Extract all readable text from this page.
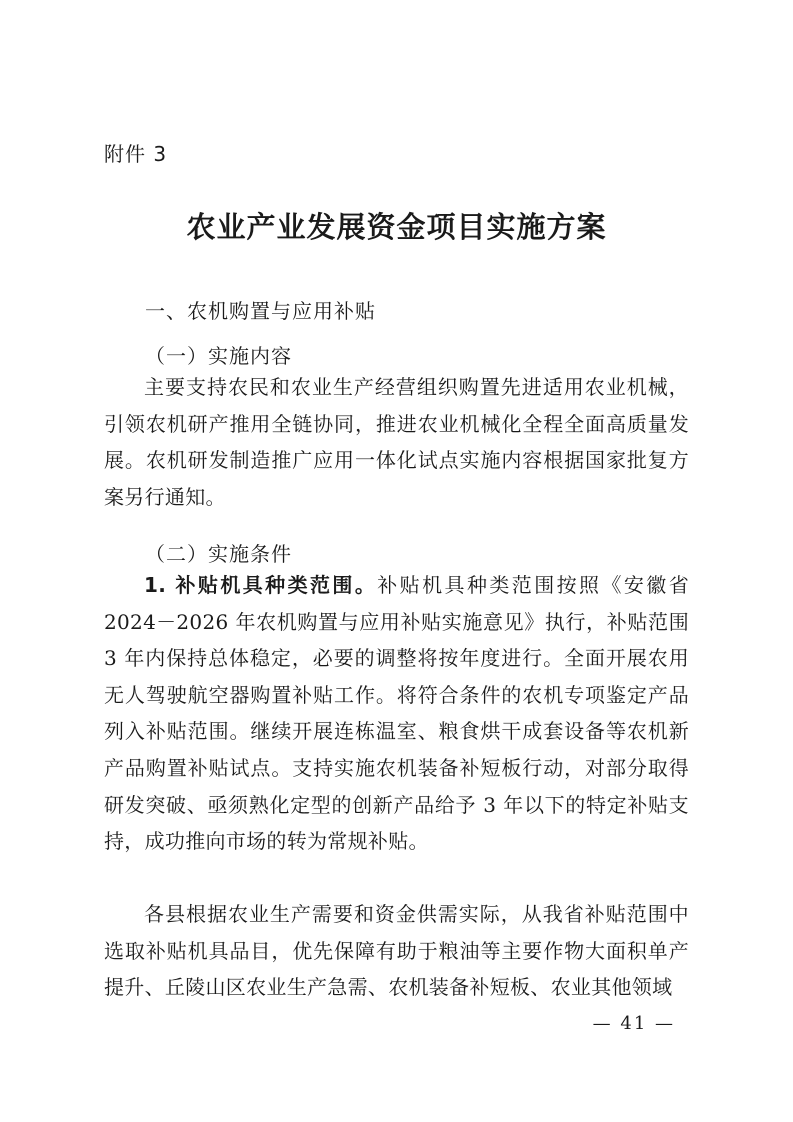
附件 3
农业产业发展资金项目实施方案
一、农机购置与应用补贴
（一）实施内容
主要支持农民和农业生产经营组织购置先进适用农业机械，引领农机研产推用全链协同，推进农业机械化全程全面高质量发展。农机研发制造推广应用一体化试点实施内容根据国家批复方案另行通知。
（二）实施条件
1. 补贴机具种类范围。补贴机具种类范围按照《安徽省 2024－2026 年农机购置与应用补贴实施意见》执行，补贴范围 3 年内保持总体稳定，必要的调整将按年度进行。全面开展农用无人驾驶航空器购置补贴工作。将符合条件的农机专项鉴定产品列入补贴范围。继续开展连栋温室、粮食烘干成套设备等农机新产品购置补贴试点。支持实施农机装备补短板行动，对部分取得研发突破、亟须熟化定型的创新产品给予 3 年以下的特定补贴支持，成功推向市场的转为常规补贴。
各县根据农业生产需要和资金供需实际，从我省补贴范围中选取补贴机具品目，优先保障有助于粮油等主要作物大面积单产提升、丘陵山区农业生产急需、农机装备补短板、农业其他领域
— 41 —
